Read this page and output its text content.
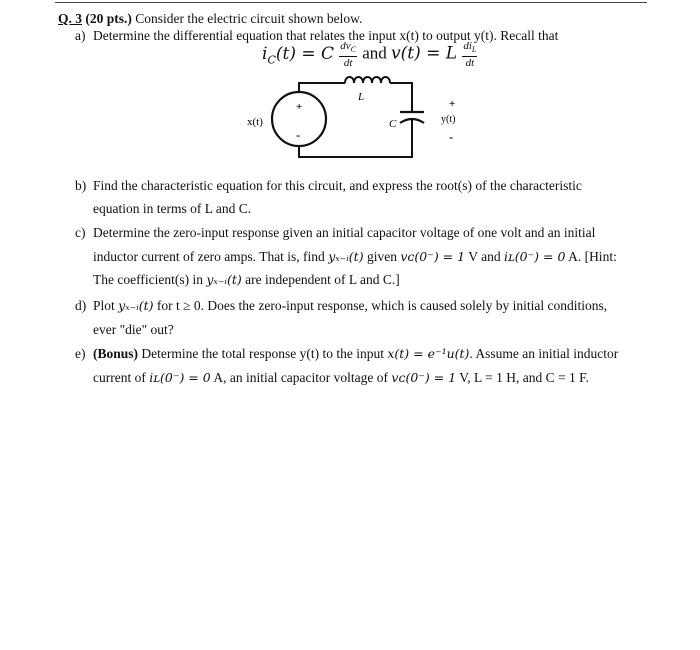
Q. 3 (20 pts.) Consider the electric circuit shown below.
a) Determine the differential equation that relates the input x(t) to output y(t). Recall that
$i_C(t) = C \frac{dv_C}{dt}$ and v(t) = L $\frac{di_L}{dt}$
+
-
x(t)
L
C
+
y(t)
-
b) Find the characteristic equation for this circuit, and express the root(s) of the characteristic
equation in terms of L and C.
c) Determine the zero-input response given an initial capacitor voltage of one volt and an initial
inductor current of zero amps. That is, find yₓ₋ᵢ(t) given vᴄ(0⁻) = 1 V and iʟ(0⁻) = 0 A. [Hint:
The coefficient(s) in yₓ₋ᵢ(t) are independent of L and C.]
d) Plot yₓ₋ᵢ(t) for t ≥ 0. Does the zero-input response, which is caused solely by initial conditions,
ever "die" out?
e) (Bonus) Determine the total response y(t) to the input x(t) = e⁻¹u(t). Assume an initial inductor
current of iʟ(0⁻) = 0 A, an initial capacitor voltage of vᴄ(0⁻) = 1 V, L = 1 H, and C = 1 F.
